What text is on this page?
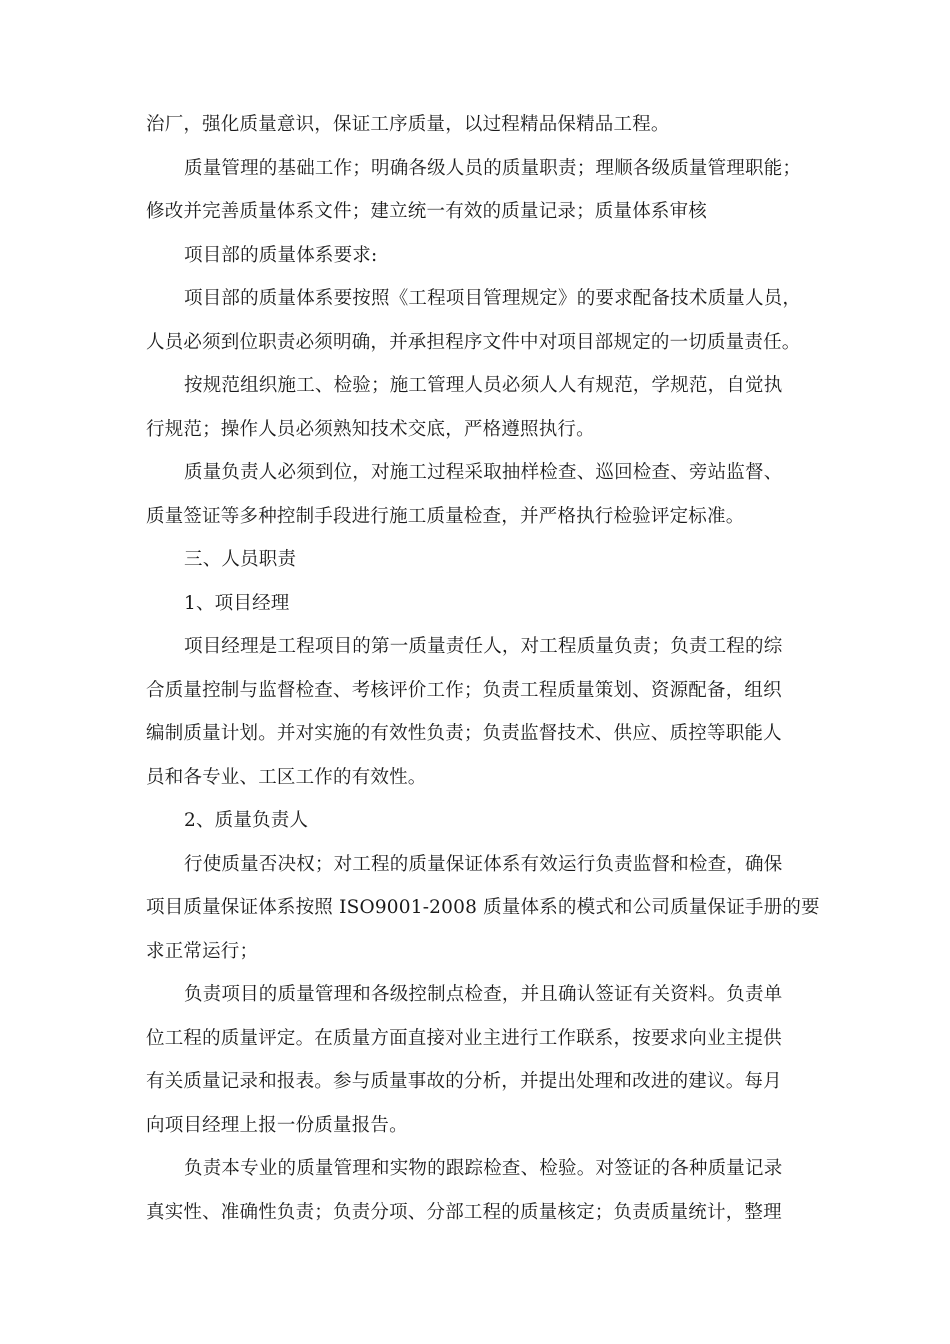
治厂，强化质量意识，保证工序质量，以过程精品保精品工程。
质量管理的基础工作；明确各级人员的质量职责；理顺各级质量管理职能；
修改并完善质量体系文件；建立统一有效的质量记录；质量体系审核
项目部的质量体系要求:
项目部的质量体系要按照《工程项目管理规定》的要求配备技术质量人员，
人员必须到位职责必须明确，并承担程序文件中对项目部规定的一切质量责任。
按规范组织施工、检验；施工管理人员必须人人有规范，学规范，自觉执
行规范；操作人员必须熟知技术交底，严格遵照执行。
质量负责人必须到位，对施工过程采取抽样检查、巡回检查、旁站监督、
质量签证等多种控制手段进行施工质量检查，并严格执行检验评定标准。
三、人员职责
1、项目经理
项目经理是工程项目的第一质量责任人，对工程质量负责；负责工程的综
合质量控制与监督检查、考核评价工作；负责工程质量策划、资源配备，组织
编制质量计划。并对实施的有效性负责；负责监督技术、供应、质控等职能人
员和各专业、工区工作的有效性。
2、质量负责人
行使质量否决权；对工程的质量保证体系有效运行负责监督和检查，确保
项目质量保证体系按照 ISO9001-2008 质量体系的模式和公司质量保证手册的要
求正常运行；
负责项目的质量管理和各级控制点检查，并且确认签证有关资料。负责单
位工程的质量评定。在质量方面直接对业主进行工作联系，按要求向业主提供
有关质量记录和报表。参与质量事故的分析，并提出处理和改进的建议。每月
向项目经理上报一份质量报告。
负责本专业的质量管理和实物的跟踪检查、检验。对签证的各种质量记录
真实性、准确性负责；负责分项、分部工程的质量核定；负责质量统计，整理
